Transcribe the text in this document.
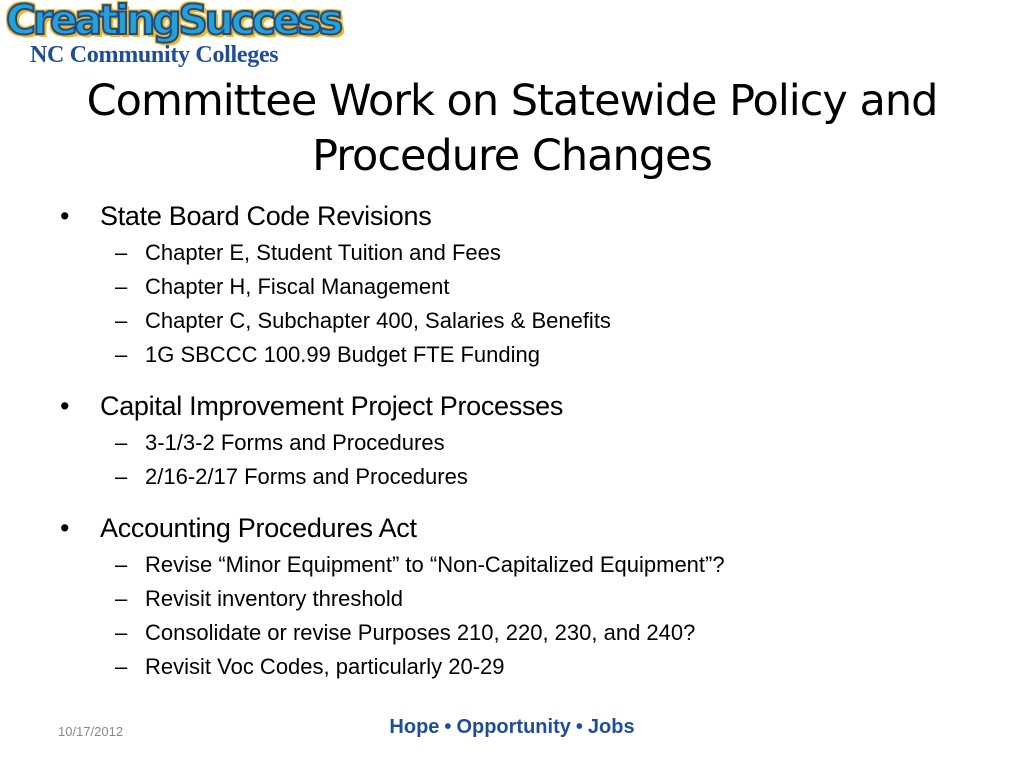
CreatingSuccess
NC Community Colleges
Committee Work on Statewide Policy and
Procedure Changes
• State Board Code Revisions
– Chapter E, Student Tuition and Fees
– Chapter H, Fiscal Management
– Chapter C, Subchapter 400, Salaries & Benefits
– 1G SBCCC 100.99 Budget FTE Funding
• Capital Improvement Project Processes
– 3-1/3-2 Forms and Procedures
– 2/16-2/17 Forms and Procedures
• Accounting Procedures Act
– Revise “Minor Equipment” to “Non-Capitalized Equipment”?
– Revisit inventory threshold
– Consolidate or revise Purposes 210, 220, 230, and 240?
– Revisit Voc Codes, particularly 20-29
10/17/2012	Hope • Opportunity • Jobs
